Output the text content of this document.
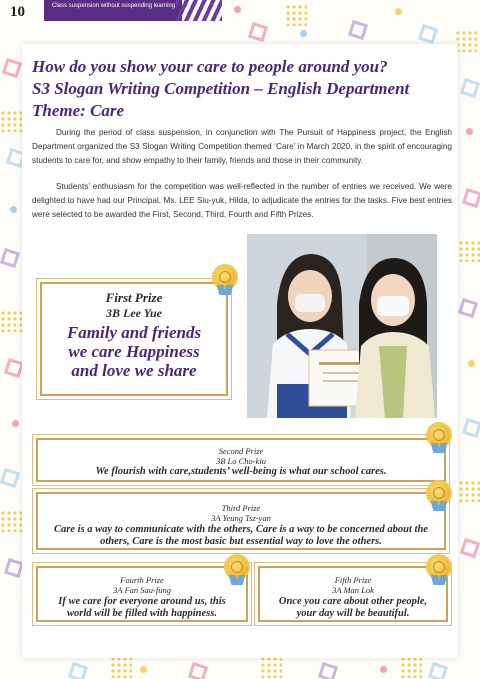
10	Class suspension without suspending learning
How do you show your care to people around you?
S3 Slogan Writing Competition – English Department
Theme: Care

During the period of class suspension, in conjunction with The Pursuit of Happiness project, the English Department organized the S3 Slogan Writing Competition themed ‘Care’ in March 2020, in the spirit of encouraging students to care for, and show empathy to their family, friends and those in their community.

Students’ enthusiasm for the competition was well-reflected in the number of entries we received. We were delighted to have had our Principal, Ms. LEE Siu-yuk, Hilda, to adjudicate the entries for the tasks. Five best entries were selected to be awarded the First, Second, Third, Fourth and Fifth Prizes.

First Prize
3B Lee Yue
Family and friends we care Happiness and love we share
Second Prize
3B Lo Cho-kiu
We flourish with care,students’ well-being is what our school cares.
Third Prize
3A Yeung Tsz-yan
Care is a way to communicate with the others, Care is a way to be concerned about the others, Care is the most basic but essential way to love the others.
Fourth Prize
3A Fan Sau-fung
If we care for everyone around us, this world will be filled with happiness.
Fifth Prize
3A Man Lok
Once you care about other people, your day will be beautiful.
